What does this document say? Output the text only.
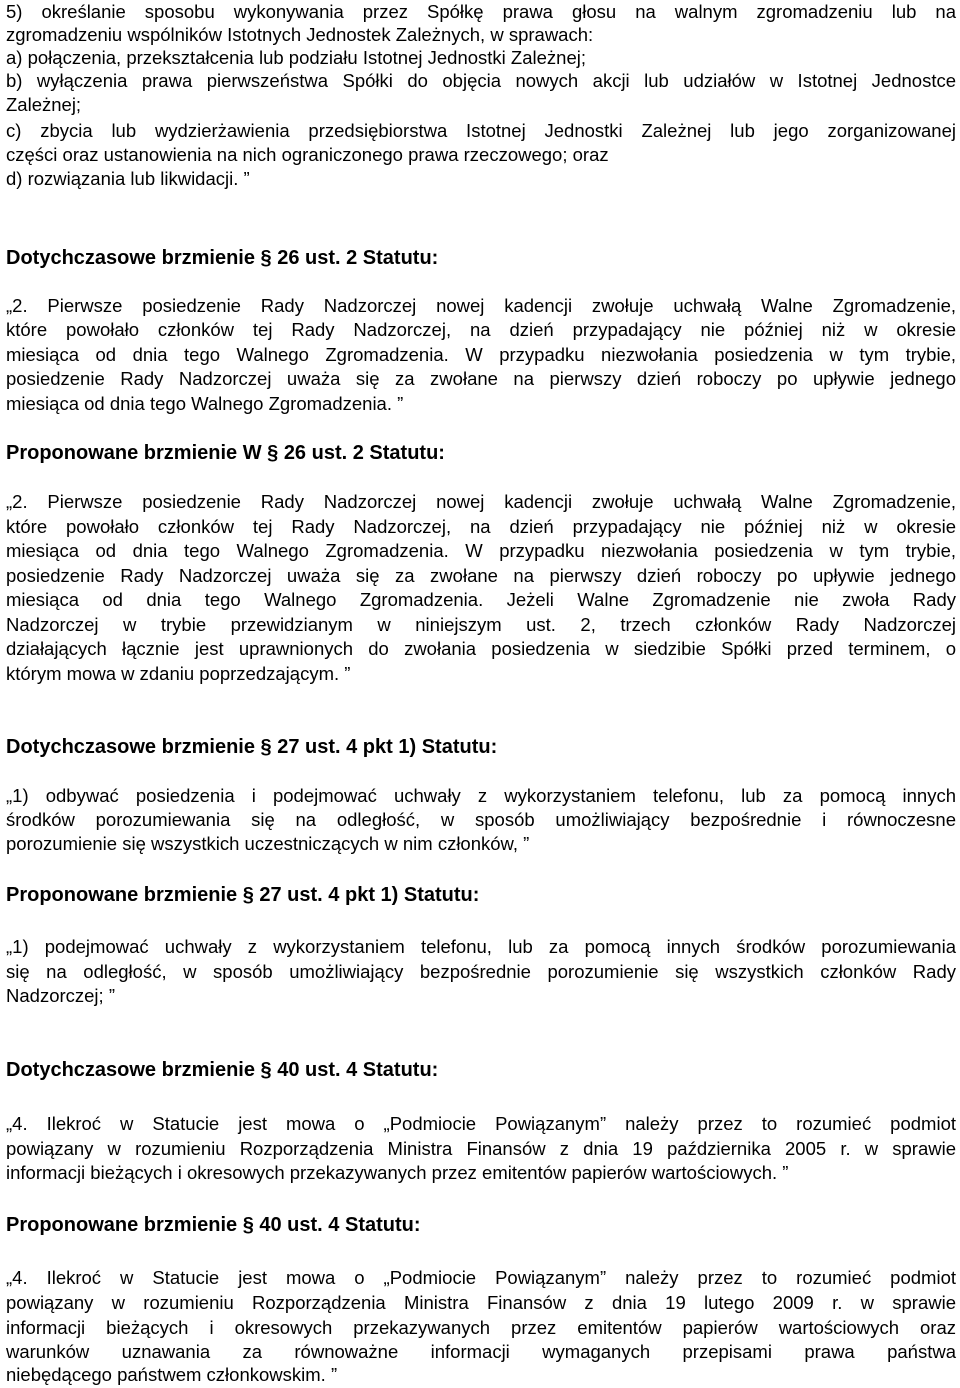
5) określanie sposobu wykonywania przez Spółkę prawa głosu na walnym zgromadzeniu lub na
zgromadzeniu wspólników Istotnych Jednostek Zależnych, w sprawach:
a) połączenia, przekształcenia lub podziału Istotnej Jednostki Zależnej;
b) wyłączenia prawa pierwszeństwa Spółki do objęcia nowych akcji lub udziałów w Istotnej Jednostce
Zależnej;
c) zbycia lub wydzierżawienia przedsiębiorstwa Istotnej Jednostki Zależnej lub jego zorganizowanej
części oraz ustanowienia na nich ograniczonego prawa rzeczowego; oraz
d) rozwiązania lub likwidacji. ”
Dotychczasowe brzmienie § 26 ust. 2 Statutu:
„2. Pierwsze posiedzenie Rady Nadzorczej nowej kadencji zwołuje uchwałą Walne Zgromadzenie,
które powołało członków tej Rady Nadzorczej, na dzień przypadający nie później niż w okresie
miesiąca od dnia tego Walnego Zgromadzenia. W przypadku niezwołania posiedzenia w tym trybie,
posiedzenie Rady Nadzorczej uważa się za zwołane na pierwszy dzień roboczy po upływie jednego
miesiąca od dnia tego Walnego Zgromadzenia. ”
Proponowane brzmienie W § 26 ust. 2 Statutu:
„2. Pierwsze posiedzenie Rady Nadzorczej nowej kadencji zwołuje uchwałą Walne Zgromadzenie,
które powołało członków tej Rady Nadzorczej, na dzień przypadający nie później niż w okresie
miesiąca od dnia tego Walnego Zgromadzenia. W przypadku niezwołania posiedzenia w tym trybie,
posiedzenie Rady Nadzorczej uważa się za zwołane na pierwszy dzień roboczy po upływie jednego
miesiąca od dnia tego Walnego Zgromadzenia. Jeżeli Walne Zgromadzenie nie zwoła Rady
Nadzorczej w trybie przewidzianym w niniejszym ust. 2, trzech członków Rady Nadzorczej
działających łącznie jest uprawnionych do zwołania posiedzenia w siedzibie Spółki przed terminem, o
którym mowa w zdaniu poprzedzającym. ”
Dotychczasowe brzmienie § 27 ust. 4 pkt 1) Statutu:
„1) odbywać posiedzenia i podejmować uchwały z wykorzystaniem telefonu, lub za pomocą innych
środków porozumiewania się na odległość, w sposób umożliwiający bezpośrednie i równoczesne
porozumienie się wszystkich uczestniczących w nim członków, ”
Proponowane brzmienie § 27 ust. 4 pkt 1) Statutu:
„1) podejmować uchwały z wykorzystaniem telefonu, lub za pomocą innych środków porozumiewania
się na odległość, w sposób umożliwiający bezpośrednie porozumienie się wszystkich członków Rady
Nadzorczej; ”
Dotychczasowe brzmienie § 40 ust. 4 Statutu:
„4. Ilekroć w Statucie jest mowa o „Podmiocie Powiązanym” należy przez to rozumieć podmiot
powiązany w rozumieniu Rozporządzenia Ministra Finansów z dnia 19 października 2005 r. w sprawie
informacji bieżących i okresowych przekazywanych przez emitentów papierów wartościowych. ”
Proponowane brzmienie § 40 ust. 4 Statutu:
„4. Ilekroć w Statucie jest mowa o „Podmiocie Powiązanym” należy przez to rozumieć podmiot
powiązany w rozumieniu Rozporządzenia Ministra Finansów z dnia 19 lutego 2009 r. w sprawie
informacji bieżących i okresowych przekazywanych przez emitentów papierów wartościowych oraz
warunków uznawania za równoważne informacji wymaganych przepisami prawa państwa
niebędącego państwem członkowskim. ”
